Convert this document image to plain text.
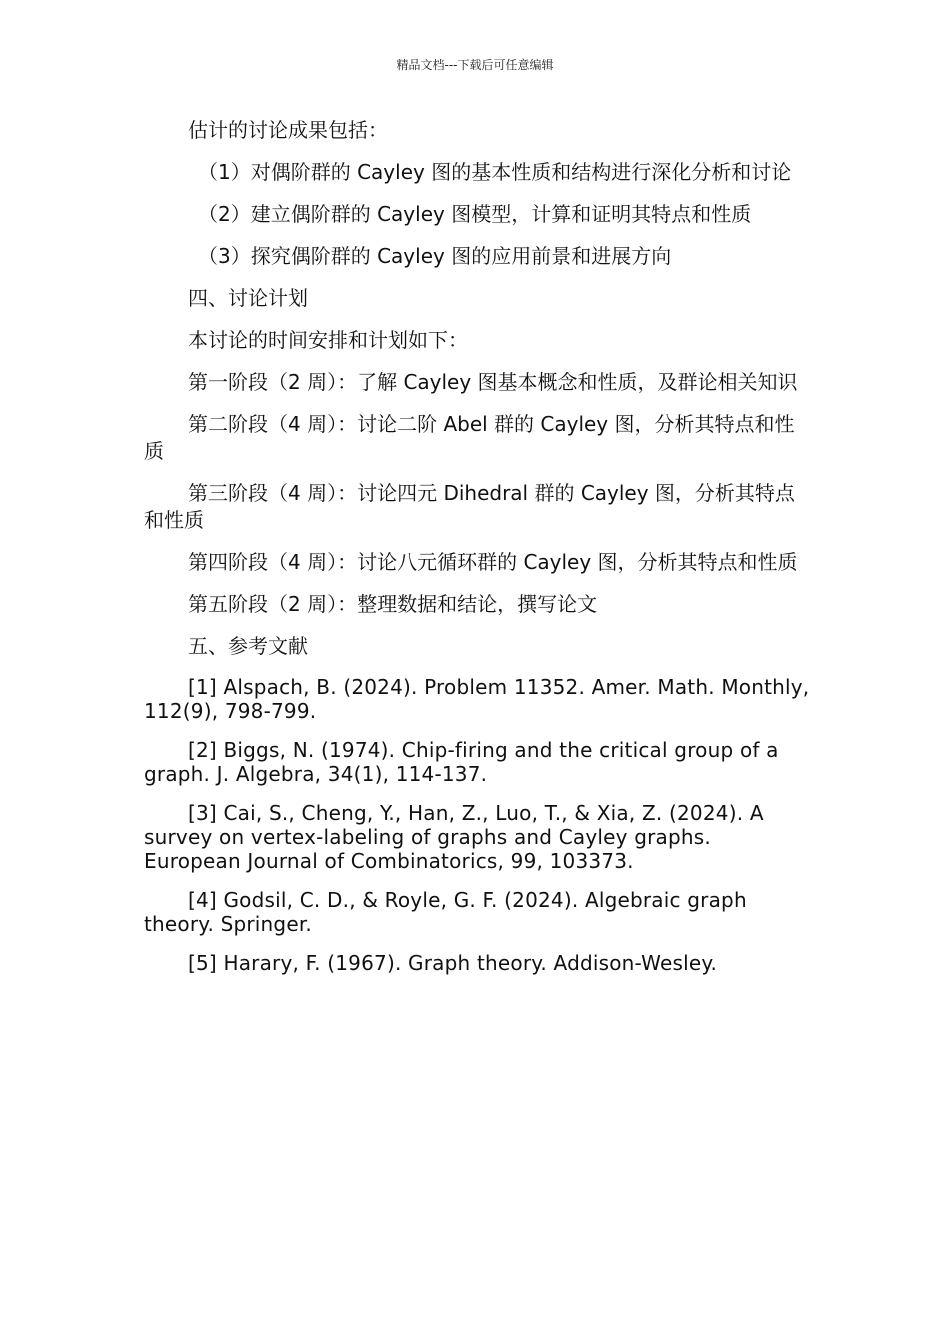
精品文档---下载后可任意编辑

估计的讨论成果包括：

（1）对偶阶群的 Cayley 图的基本性质和结构进行深化分析和讨论

（2）建立偶阶群的 Cayley 图模型，计算和证明其特点和性质

（3）探究偶阶群的 Cayley 图的应用前景和进展方向

四、讨论计划

本讨论的时间安排和计划如下：

第一阶段（2 周）：了解 Cayley 图基本概念和性质，及群论相关知识

第二阶段（4 周）：讨论二阶 Abel 群的 Cayley 图，分析其特点和性质

第三阶段（4 周）：讨论四元 Dihedral 群的 Cayley 图，分析其特点和性质

第四阶段（4 周）：讨论八元循环群的 Cayley 图，分析其特点和性质

第五阶段（2 周）：整理数据和结论，撰写论文

五、参考文献

[1] Alspach, B. (2024). Problem 11352. Amer. Math. Monthly, 112(9), 798-799.

[2] Biggs, N. (1974). Chip-firing and the critical group of a graph. J. Algebra, 34(1), 114-137.

[3] Cai, S., Cheng, Y., Han, Z., Luo, T., & Xia, Z. (2024). A survey on vertex-labeling of graphs and Cayley graphs. European Journal of Combinatorics, 99, 103373.

[4] Godsil, C. D., & Royle, G. F. (2024). Algebraic graph theory. Springer.

[5] Harary, F. (1967). Graph theory. Addison-Wesley.
